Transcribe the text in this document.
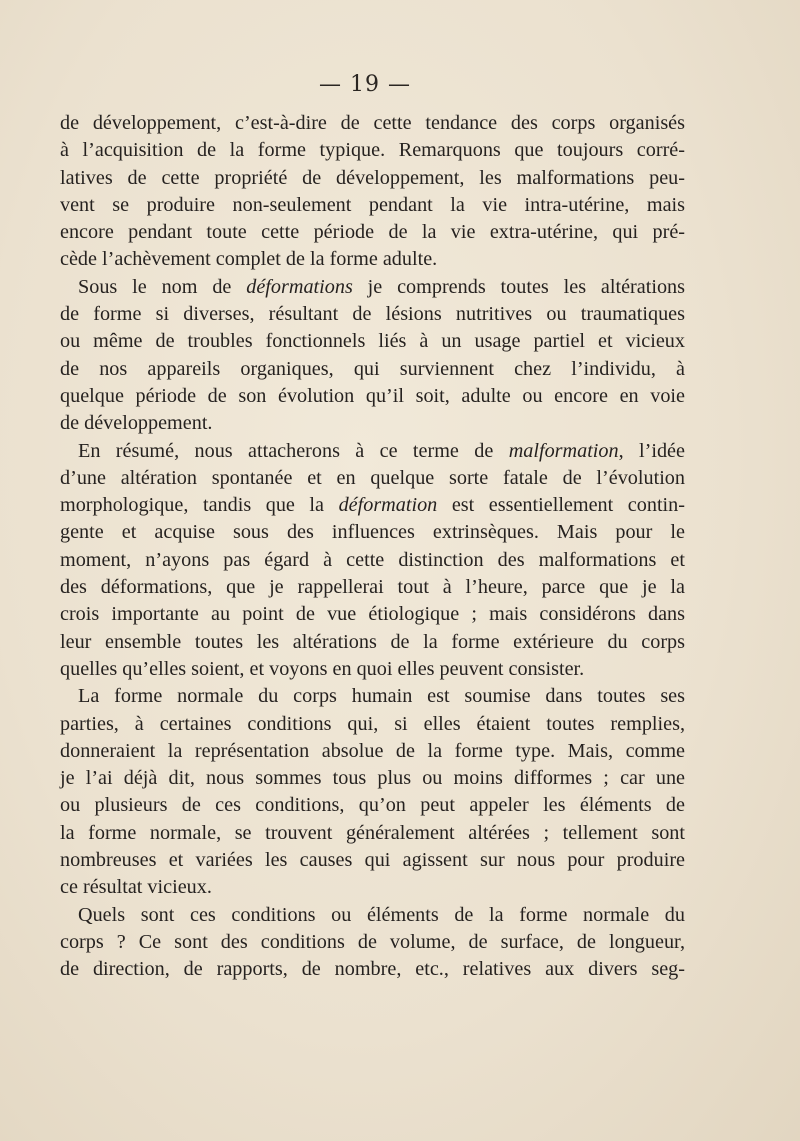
— 19 —
de développement, c’est-à-dire de cette tendance des corps organisés
à l’acquisition de la forme typique. Remarquons que toujours corré-
latives de cette propriété de développement, les malformations peu-
vent se produire non-seulement pendant la vie intra-utérine, mais
encore pendant toute cette période de la vie extra-utérine, qui pré-
cède l’achèvement complet de la forme adulte.
Sous le nom de déformations je comprends toutes les altérations
de forme si diverses, résultant de lésions nutritives ou traumatiques
ou même de troubles fonctionnels liés à un usage partiel et vicieux
de nos appareils organiques, qui surviennent chez l’individu, à
quelque période de son évolution qu’il soit, adulte ou encore en voie
de développement.
En résumé, nous attacherons à ce terme de malformation, l’idée
d’une altération spontanée et en quelque sorte fatale de l’évolution
morphologique, tandis que la déformation est essentiellement contin-
gente et acquise sous des influences extrinsèques. Mais pour le
moment, n’ayons pas égard à cette distinction des malformations et
des déformations, que je rappellerai tout à l’heure, parce que je la
crois importante au point de vue étiologique ; mais considérons dans
leur ensemble toutes les altérations de la forme extérieure du corps
quelles qu’elles soient, et voyons en quoi elles peuvent consister.
La forme normale du corps humain est soumise dans toutes ses
parties, à certaines conditions qui, si elles étaient toutes remplies,
donneraient la représentation absolue de la forme type. Mais, comme
je l’ai déjà dit, nous sommes tous plus ou moins difformes ; car une
ou plusieurs de ces conditions, qu’on peut appeler les éléments de
la forme normale, se trouvent généralement altérées ; tellement sont
nombreuses et variées les causes qui agissent sur nous pour produire
ce résultat vicieux.
Quels sont ces conditions ou éléments de la forme normale du
corps ? Ce sont des conditions de volume, de surface, de longueur,
de direction, de rapports, de nombre, etc., relatives aux divers seg-
